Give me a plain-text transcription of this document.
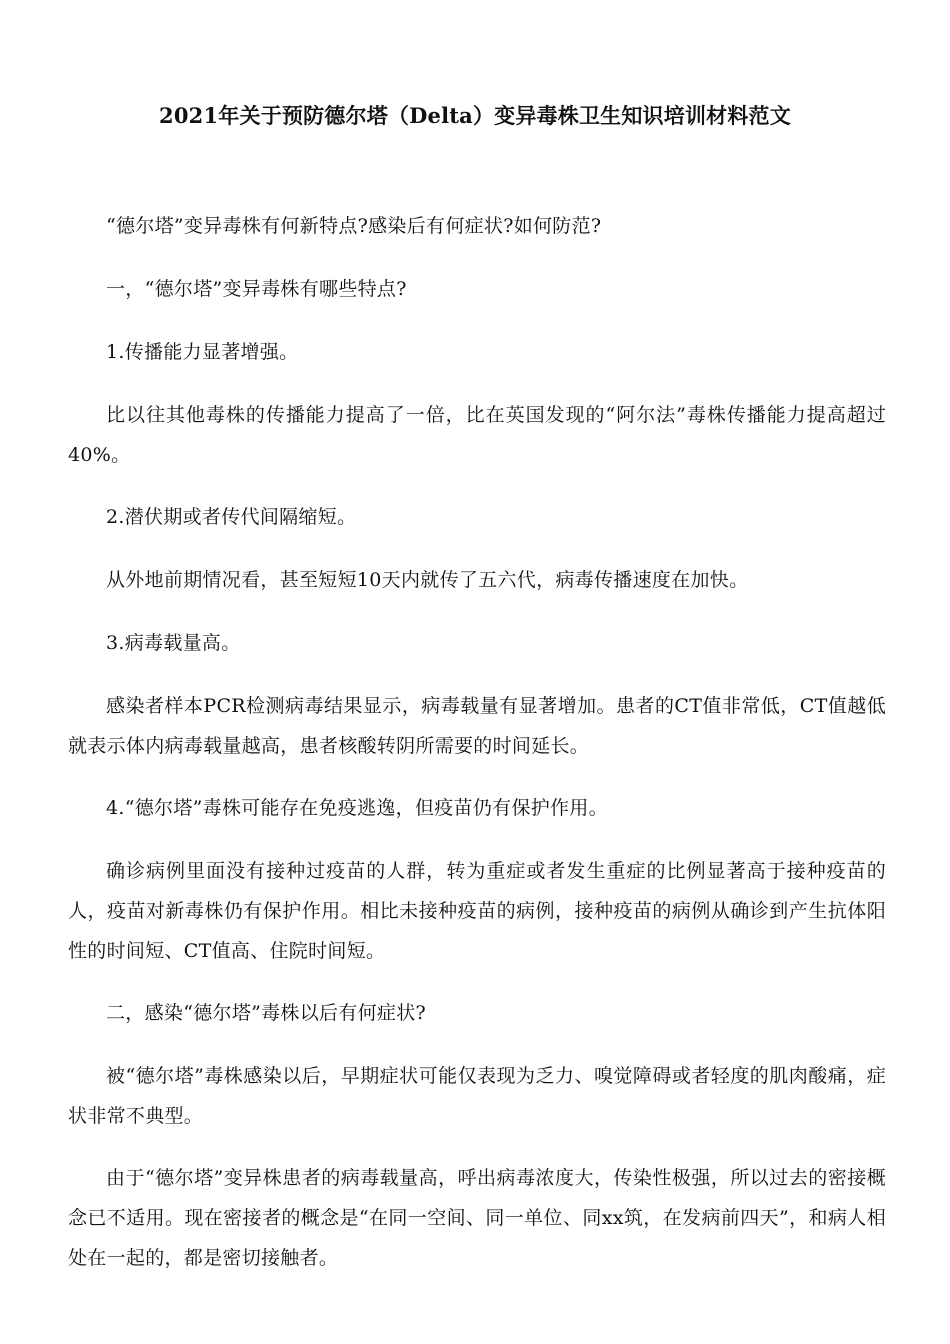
2021年关于预防德尔塔（Delta）变异毒株卫生知识培训材料范文

“德尔塔”变异毒株有何新特点?感染后有何症状?如何防范?

一，“德尔塔”变异毒株有哪些特点?

1.传播能力显著增强。

比以往其他毒株的传播能力提高了一倍，比在英国发现的“阿尔法”毒株传播能力提高超过40%。

2.潜伏期或者传代间隔缩短。

从外地前期情况看，甚至短短10天内就传了五六代，病毒传播速度在加快。

3.病毒载量高。

感染者样本PCR检测病毒结果显示，病毒载量有显著增加。患者的CT值非常低，CT值越低就表示体内病毒载量越高，患者核酸转阴所需要的时间延长。

4.“德尔塔”毒株可能存在免疫逃逸，但疫苗仍有保护作用。

确诊病例里面没有接种过疫苗的人群，转为重症或者发生重症的比例显著高于接种疫苗的人，疫苗对新毒株仍有保护作用。相比未接种疫苗的病例，接种疫苗的病例从确诊到产生抗体阳性的时间短、CT值高、住院时间短。

二，感染“德尔塔”毒株以后有何症状?

被“德尔塔”毒株感染以后，早期症状可能仅表现为乏力、嗅觉障碍或者轻度的肌肉酸痛，症状非常不典型。

由于“德尔塔”变异株患者的病毒载量高，呼出病毒浓度大，传染性极强，所以过去的密接概念已不适用。现在密接者的概念是“在同一空间、同一单位、同xx筑，在发病前四天”，和病人相处在一起的，都是密切接触者。
